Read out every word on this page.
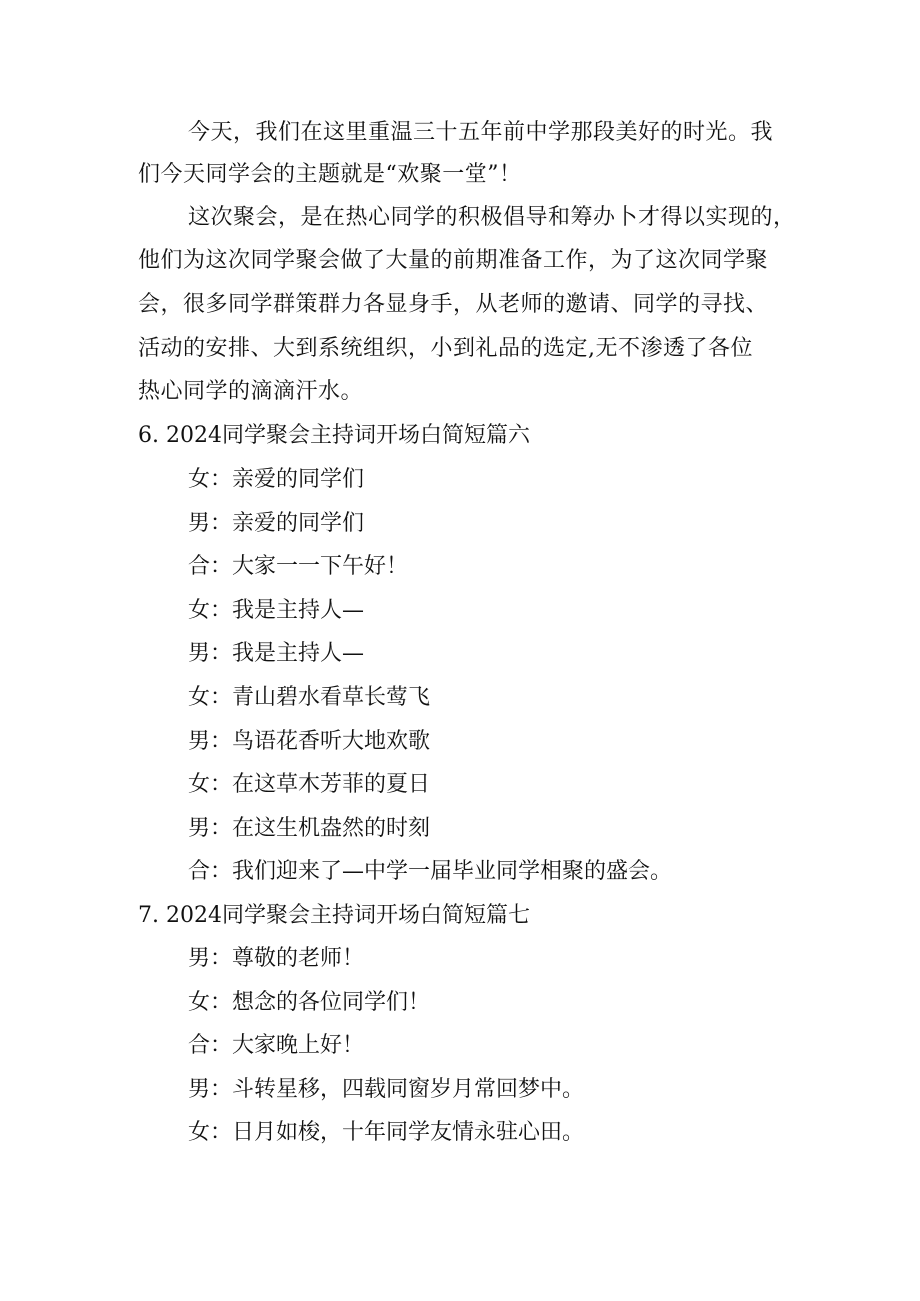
今天，我们在这里重温三十五年前中学那段美好的时光。我
们今天同学会的主题就是“欢聚一堂”！
这次聚会，是在热心同学的积极倡导和筹办卜才得以实现的，
他们为这次同学聚会做了大量的前期准备工作，为了这次同学聚
会，很多同学群策群力各显身手，从老师的邀请、同学的寻找、
活动的安排、大到系统组织，小到礼品的选定,无不渗透了各位
热心同学的滴滴汗水。
6. 2024同学聚会主持词开场白简短篇六
女：亲爱的同学们
男：亲爱的同学们
合：大家一一下午好！
女：我是主持人—
男：我是主持人—
女：青山碧水看草长莺飞
男：鸟语花香听大地欢歌
女：在这草木芳菲的夏日
男：在这生机盎然的时刻
合：我们迎来了—中学一届毕业同学相聚的盛会。
7. 2024同学聚会主持词开场白简短篇七
男：尊敬的老师！
女：想念的各位同学们！
合：大家晚上好！
男：斗转星移，四载同窗岁月常回梦中。
女：日月如梭，十年同学友情永驻心田。
